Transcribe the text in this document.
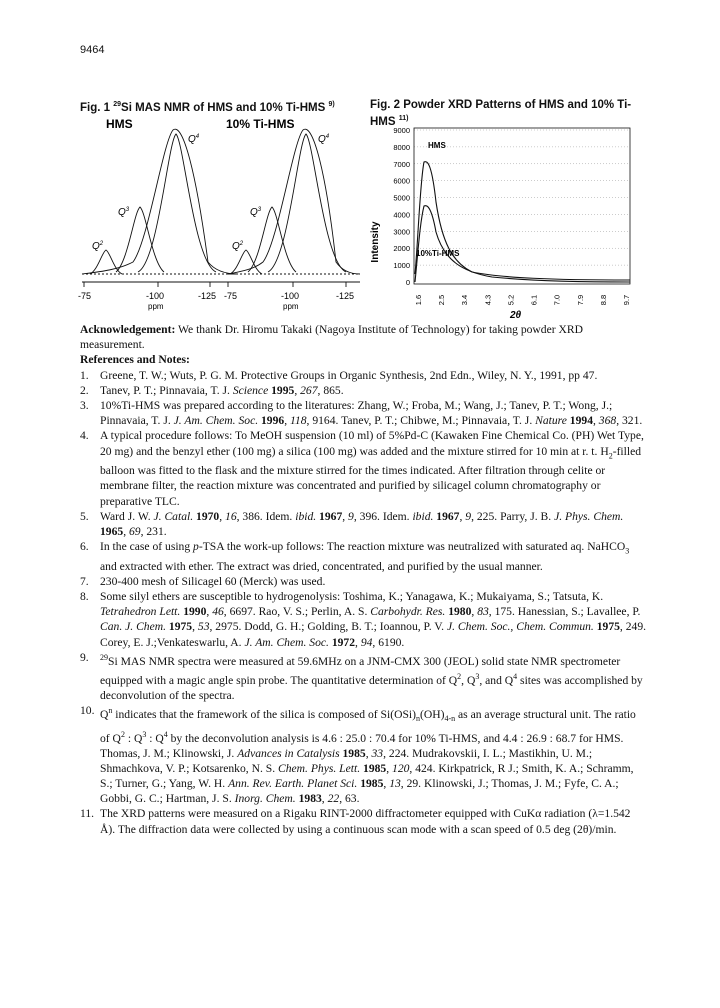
9464
Fig. 1 $^{29}$Si MAS NMR of HMS and 10% Ti-HMS $^{9)}$	Fig. 2 Powder XRD Patterns of HMS and 10% Ti-HMS $^{11)}$
HMS	10% Ti-HMS
$Q^4$
$Q^3$
$Q^2$
$Q^4$
$Q^3$
$Q^2$
-75	-100	-125 -75	-100	-125
ppm	ppm
Intensity
9000
8000
7000
6000
5000
4000
3000
2000
1000
0
1.6 2.5 3.4 4.3 5.2 6.1 7.0 7.9 8.8 9.7
HMS
10%Ti-HMS
2θ

Acknowledgement: We thank Dr. Hiromu Takaki (Nagoya Institute of Technology) for taking powder XRD measurement.

References and Notes:

1. Greene, T. W.; Wuts, P. G. M. Protective Groups in Organic Synthesis, 2nd Edn., Wiley, N. Y., 1991, pp 47.
2. Tanev, P. T.; Pinnavaia, T. J. Science 1995, 267, 865.
3. 10%Ti-HMS was prepared according to the literatures: Zhang, W.; Froba, M.; Wang, J.; Tanev, P. T.; Wong, J.; Pinnavaia, T. J. J. Am. Chem. Soc. 1996, 118, 9164. Tanev, P. T.; Chibwe, M.; Pinnavaia, T. J. Nature 1994, 368, 321.
4. A typical procedure follows: To MeOH suspension (10 ml) of 5%Pd-C (Kawaken Fine Chemical Co. (PH) Wet Type, 20 mg) and the benzyl ether (100 mg) a silica (100 mg) was added and the mixture stirred for 10 min at r. t. $H_2$-filled balloon was fitted to the flask and the mixture stirred for the times indicated. After filtration through celite or membrane filter, the reaction mixture was concentrated and purified by silicagel column chromatography or preparative TLC.
5. Ward J. W. J. Catal. 1970, 16, 386. Idem. ibid. 1967, 9, 396. Idem. ibid. 1967, 9, 225. Parry, J. B. J. Phys. Chem. 1965, 69, 231.
6. In the case of using p-TSA the work-up follows: The reaction mixture was neutralized with saturated aq. NaHCO$_3$ and extracted with ether. The extract was dried, concentrated, and purified by the usual manner.
7. 230-400 mesh of Silicagel 60 (Merck) was used.
8. Some silyl ethers are susceptible to hydrogenolysis: Toshima, K.; Yanagawa, K.; Mukaiyama, S.; Tatsuta, K. Tetrahedron Lett. 1990, 46, 6697. Rao, V. S.; Perlin, A. S. Carbohydr. Res. 1980, 83, 175. Hanessian, S.; Lavallee, P. Can. J. Chem. 1975, 53, 2975. Dodd, G. H.; Golding, B. T.; Ioannou, P. V. J. Chem. Soc., Chem. Commun. 1975, 249. Corey, E. J.;Venkateswarlu, A. J. Am. Chem. Soc. 1972, 94, 6190.
9.	$^{29}$Si MAS NMR spectra were measured at 59.6MHz on a JNM-CMX 300 (JEOL) solid state NMR spectrometer equipped with a magic angle spin probe. The quantitative determination of $Q^2$, $Q^3$, and $Q^4$ sites was accomplished by deconvolution of the spectra.
10. $Q^n$ indicates that the framework of the silica is composed of $Si(OSi)_n(OH)_{4-n}$ as an average structural unit. The ratio of $Q^2$ : $Q^3$ : $Q^4$ by the deconvolution analysis is 4.6 : 25.0 : 70.4 for 10% Ti-HMS, and 4.4 : 26.9 : 68.7 for HMS. Thomas, J. M.; Klinowski, J. Advances in Catalysis 1985, 33, 224. Mudrakovskii, I. L.; Mastikhin, U. M.; Shmachkova, V. P.; Kotsarenko, N. S. Chem. Phys. Lett. 1985, 120, 424. Kirkpatrick, R J.; Smith, K. A.; Schramm, S.; Turner, G.; Yang, W. H. Ann. Rev. Earth. Planet Sci. 1985, 13, 29. Klinowski, J.; Thomas, J. M.; Fyfe, C. A.; Gobbi, G. C.; Hartman, J. S. Inorg. Chem. 1983, 22, 63.
11. The XRD patterns were measured on a Rigaku RINT-2000 diffractometer equipped with CuKα radiation (λ=1.542 Å). The diffraction data were collected by using a continuous scan mode with a scan speed of 0.5 deg (2θ)/min.
